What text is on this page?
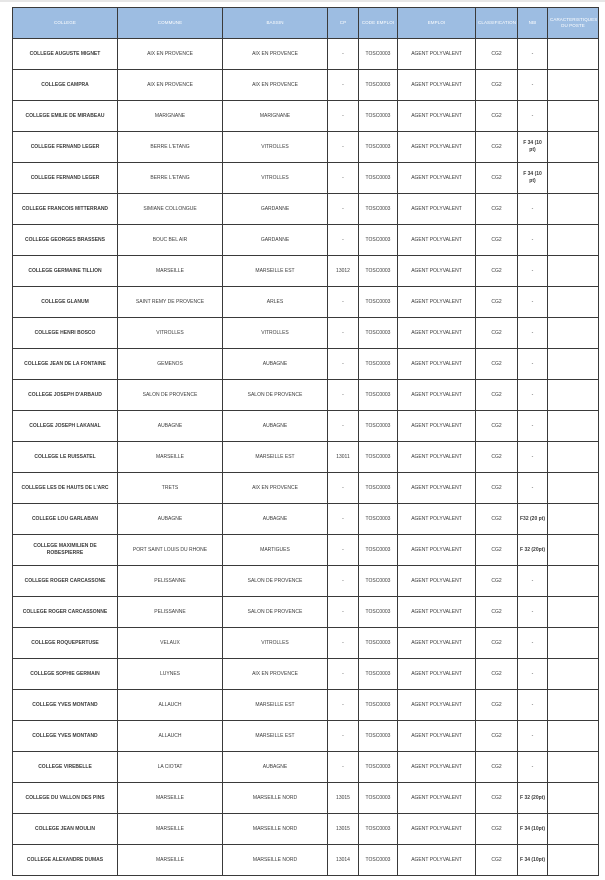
COLLEGE	COMMUNE	BASSIN	CP	CODE EMPLOI	EMPLOI	CLASSIFICATION	NBI	CARACTERISTIQUES DU POSTE
COLLEGE AUGUSTE MIGNET	AIX EN PROVENCE	AIX EN PROVENCE	-	TOSC0003	AGENT POLYVALENT	CG2	-	
COLLEGE CAMPRA	AIX EN PROVENCE	AIX EN PROVENCE	-	TOSC0003	AGENT POLYVALENT	CG2	-	
COLLEGE EMILIE DE MIRABEAU	MARIGNANE	MARIGNANE	-	TOSC0003	AGENT POLYVALENT	CG2	-	
COLLEGE FERNAND LEGER	BERRE L'ETANG	VITROLLES	-	TOSC0003	AGENT POLYVALENT	CG2	F 34 (10 pt)	
COLLEGE FERNAND LEGER	BERRE L'ETANG	VITROLLES	-	TOSC0003	AGENT POLYVALENT	CG2	F 34 (10 pt)	
COLLEGE FRANCOIS MITTERRAND	SIMIANE COLLONGUE	GARDANNE	-	TOSC0003	AGENT POLYVALENT	CG2	-	
COLLEGE GEORGES BRASSENS	BOUC BEL AIR	GARDANNE	-	TOSC0003	AGENT POLYVALENT	CG2	-	
COLLEGE GERMAINE TILLION	MARSEILLE	MARSEILLE EST	13012	TOSC0003	AGENT POLYVALENT	CG2	-	
COLLEGE GLANUM	SAINT REMY DE PROVENCE	ARLES	-	TOSC0003	AGENT POLYVALENT	CG2	-	
COLLEGE HENRI BOSCO	VITROLLES	VITROLLES	-	TOSC0003	AGENT POLYVALENT	CG2	-	
COLLEGE JEAN DE LA FONTAINE	GEMENOS	AUBAGNE	-	TOSC0003	AGENT POLYVALENT	CG2	-	
COLLEGE JOSEPH D'ARBAUD	SALON DE PROVENCE	SALON DE PROVENCE	-	TOSC0003	AGENT POLYVALENT	CG2	-	
COLLEGE JOSEPH LAKANAL	AUBAGNE	AUBAGNE	-	TOSC0003	AGENT POLYVALENT	CG2	-	
COLLEGE LE RUISSATEL	MARSEILLE	MARSEILLE EST	13011	TOSC0003	AGENT POLYVALENT	CG2	-	
COLLEGE LES DE HAUTS DE L'ARC	TRETS	AIX EN PROVENCE	-	TOSC0003	AGENT POLYVALENT	CG2	-	
COLLEGE LOU GARLABAN	AUBAGNE	AUBAGNE	-	TOSC0003	AGENT POLYVALENT	CG2	F32 (20 pt)	
COLLEGE MAXIMILIEN DE ROBESPIERRE	PORT SAINT LOUIS DU RHONE	MARTIGUES	-	TOSC0003	AGENT POLYVALENT	CG2	F 32 (20pt)	
COLLEGE ROGER CARCASSONE	PELISSANNE	SALON DE PROVENCE	-	TOSC0003	AGENT POLYVALENT	CG2	-	
COLLEGE ROGER CARCASSONNE	PELISSANNE	SALON DE PROVENCE	-	TOSC0003	AGENT POLYVALENT	CG2	-	
COLLEGE ROQUEPERTUSE	VELAUX	VITROLLES	-	TOSC0003	AGENT POLYVALENT	CG2	-	
COLLEGE SOPHIE GERMAIN	LUYNES	AIX EN PROVENCE	-	TOSC0003	AGENT POLYVALENT	CG2	-	
COLLEGE YVES MONTAND	ALLAUCH	MARSEILLE EST	-	TOSC0003	AGENT POLYVALENT	CG2	-	
COLLEGE YVES MONTAND	ALLAUCH	MARSEILLE EST	-	TOSC0003	AGENT POLYVALENT	CG2	-	
COLLEGE VIREBELLE	LA CIOTAT	AUBAGNE	-	TOSC0003	AGENT POLYVALENT	CG2	-	
COLLEGE DU VALLON DES PINS	MARSEILLE	MARSEILLE NORD	13015	TOSC0003	AGENT POLYVALENT	CG2	F 32 (20pt)	
COLLEGE JEAN MOULIN	MARSEILLE	MARSEILLE NORD	13015	TOSC0003	AGENT POLYVALENT	CG2	F 34 (10pt)	
COLLEGE ALEXANDRE DUMAS	MARSEILLE	MARSEILLE NORD	13014	TOSC0003	AGENT POLYVALENT	CG2	F 34 (10pt)	
